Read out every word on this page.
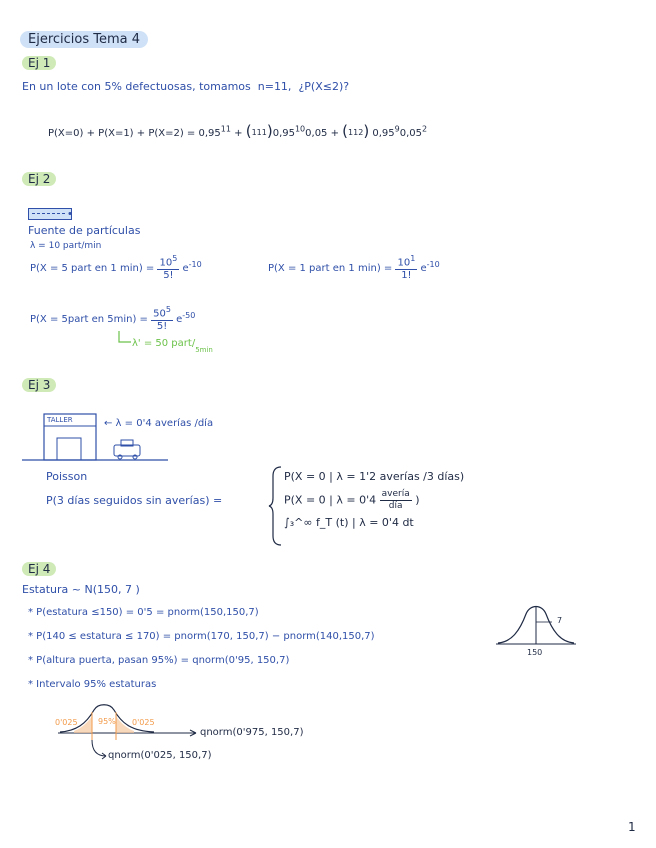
Ejercicios Tema 4
Ej 1
En un lote con 5% defectuosas, tomamos n=11, ¿P(X≤2)?
$P(X=0) + P(X=1) + P(X=2) = 0,95^{11} + (111)0,95^{10}0,05 + (112)$ 0,95$^9$0,05$^2$
Ej 2
Fuente de partículas
λ = 10 part/min
P(X = 5 part en 1 $\min) = \frac{10^5}{5!} e^{-10}$	P(X = 1 part en 1 $\min) = \frac{10^1}{1!} e^{-10}$
P(X = 5part en $5\min) = \frac{50^5}{5!} e^{-50}$
λ' = 50 part/$_{5min}$
Ej 3
TALLER	← λ = 0'4 averías /día
Poisson
P(3 días seguidos sin averías) =
P(X = 0 | λ = 1'2 averías /3 días)
P(X = 0 | $\lambda = 0'4 \frac{\text{avería}}{\text{día}}$ )
∫₃^∞ f_T (t) | λ = 0'4 dt
Ej 4
Estatura ~ N(150, 7 )
* P(estatura ≤150) = 0'5 = pnorm(150,150,7)
* P(140 ≤ estatura ≤ 170) = pnorm(170, 150,7) − pnorm(140,150,7)
* P(altura puerta, pasan 95%) = qnorm(0'95, 150,7)
* Intervalo 95% estaturas
150
7
0'025	95% 0'025
qnorm(0'975, 150,7)
qnorm(0'025, 150,7)
1
